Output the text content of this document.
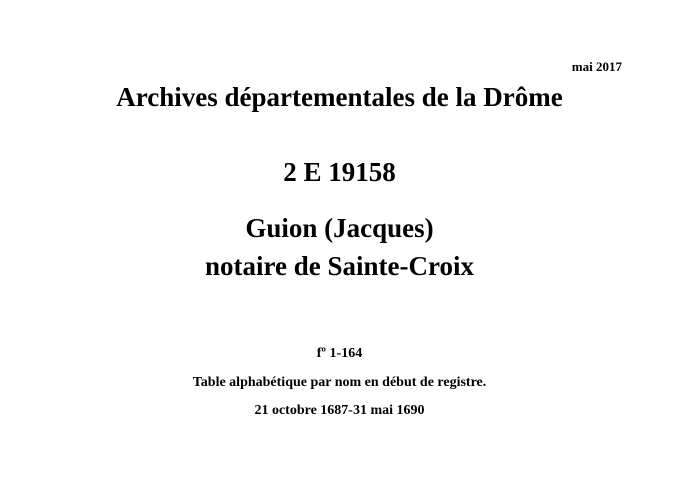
mai 2017
Archives départementales de la Drôme
2 E 19158
Guion (Jacques)
notaire de Sainte-Croix
fº 1-164
Table alphabétique par nom en début de registre.
21 octobre 1687-31 mai 1690
